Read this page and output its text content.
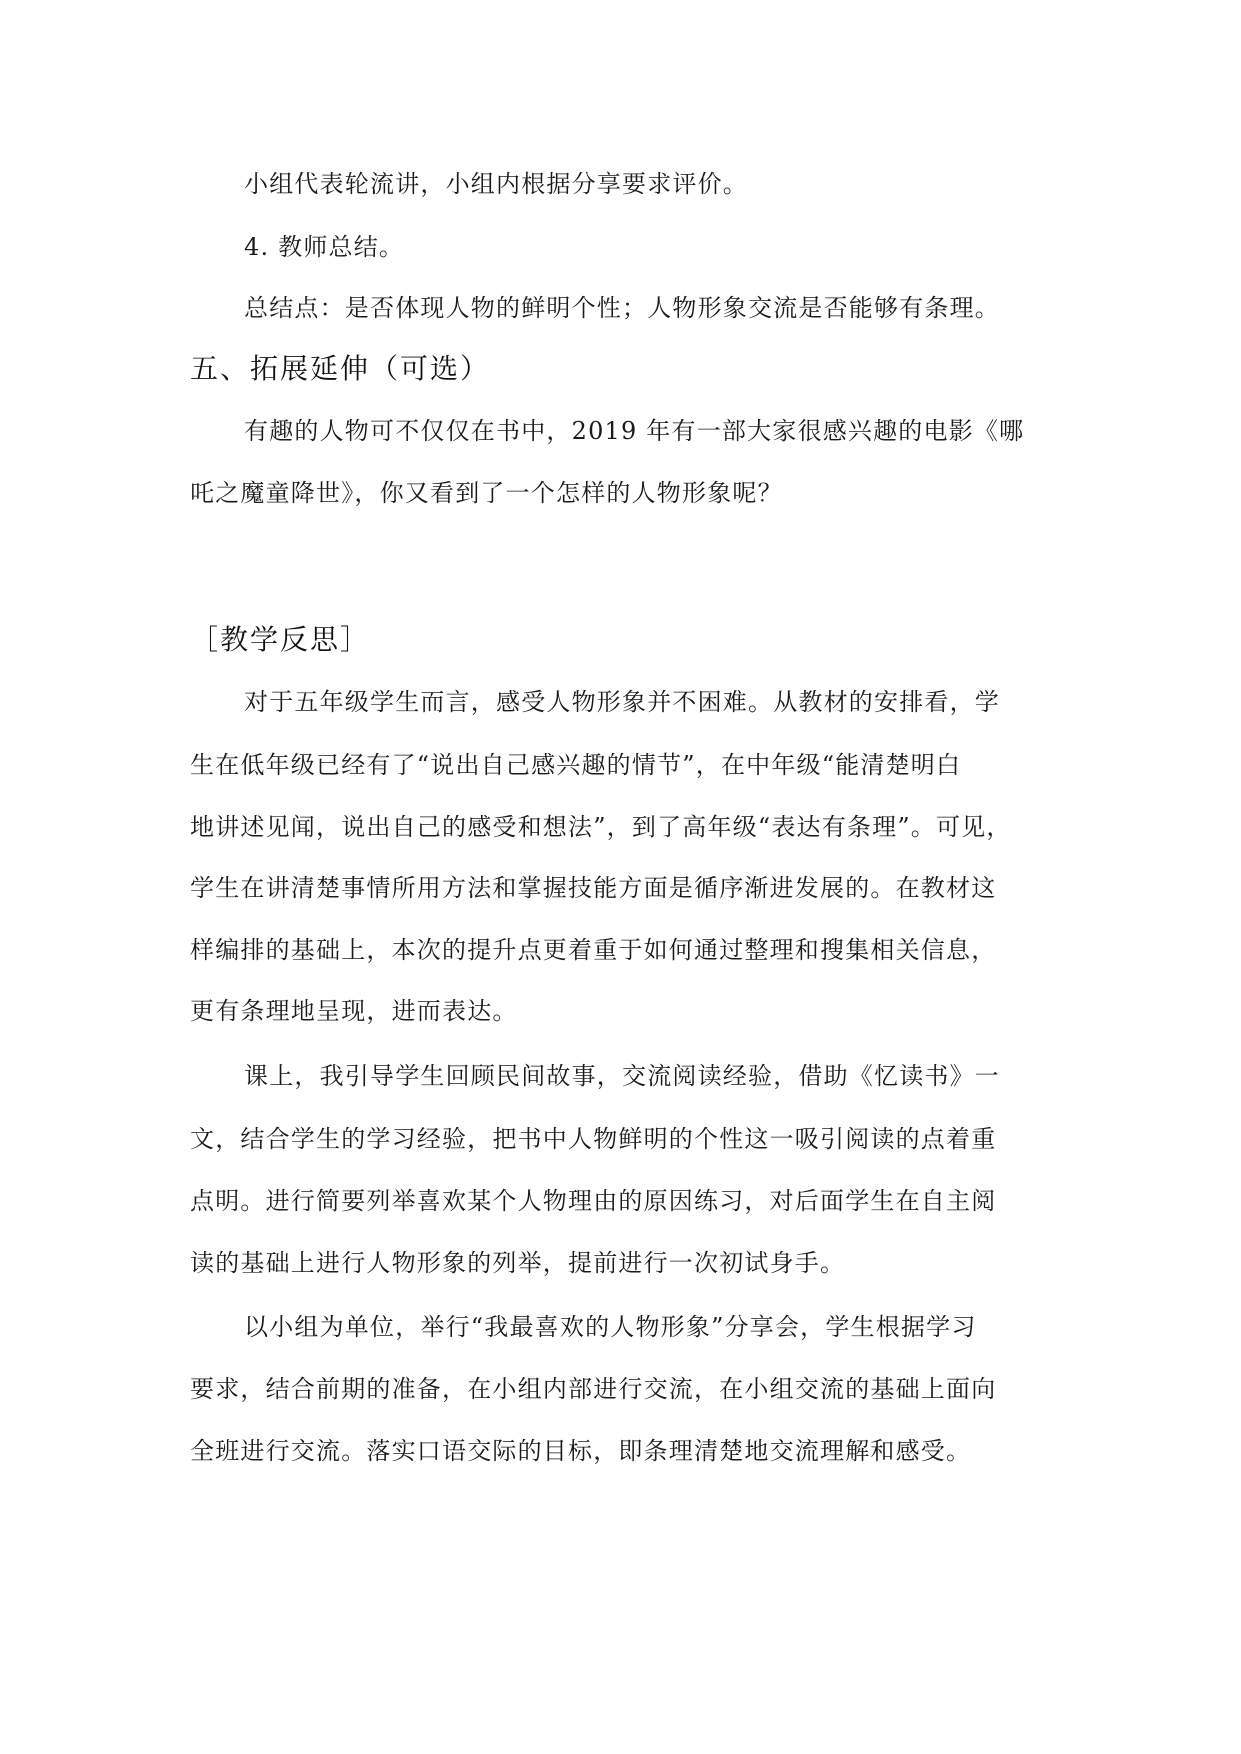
小组代表轮流讲，小组内根据分享要求评价。
4. 教师总结。
总结点：是否体现人物的鲜明个性；人物形象交流是否能够有条理。
五、拓展延伸（可选）
有趣的人物可不仅仅在书中，2019 年有一部大家很感兴趣的电影《哪
吒之魔童降世》，你又看到了一个怎样的人物形象呢？
［教学反思］
对于五年级学生而言，感受人物形象并不困难。从教材的安排看，学
生在低年级已经有了“说出自己感兴趣的情节”，在中年级“能清楚明白
地讲述见闻，说出自己的感受和想法”，到了高年级“表达有条理”。可见，
学生在讲清楚事情所用方法和掌握技能方面是循序渐进发展的。在教材这
样编排的基础上，本次的提升点更着重于如何通过整理和搜集相关信息，
更有条理地呈现，进而表达。
课上，我引导学生回顾民间故事，交流阅读经验，借助《忆读书》一
文，结合学生的学习经验，把书中人物鲜明的个性这一吸引阅读的点着重
点明。进行简要列举喜欢某个人物理由的原因练习，对后面学生在自主阅
读的基础上进行人物形象的列举，提前进行一次初试身手。
以小组为单位，举行“我最喜欢的人物形象”分享会，学生根据学习
要求，结合前期的准备，在小组内部进行交流，在小组交流的基础上面向
全班进行交流。落实口语交际的目标，即条理清楚地交流理解和感受。
